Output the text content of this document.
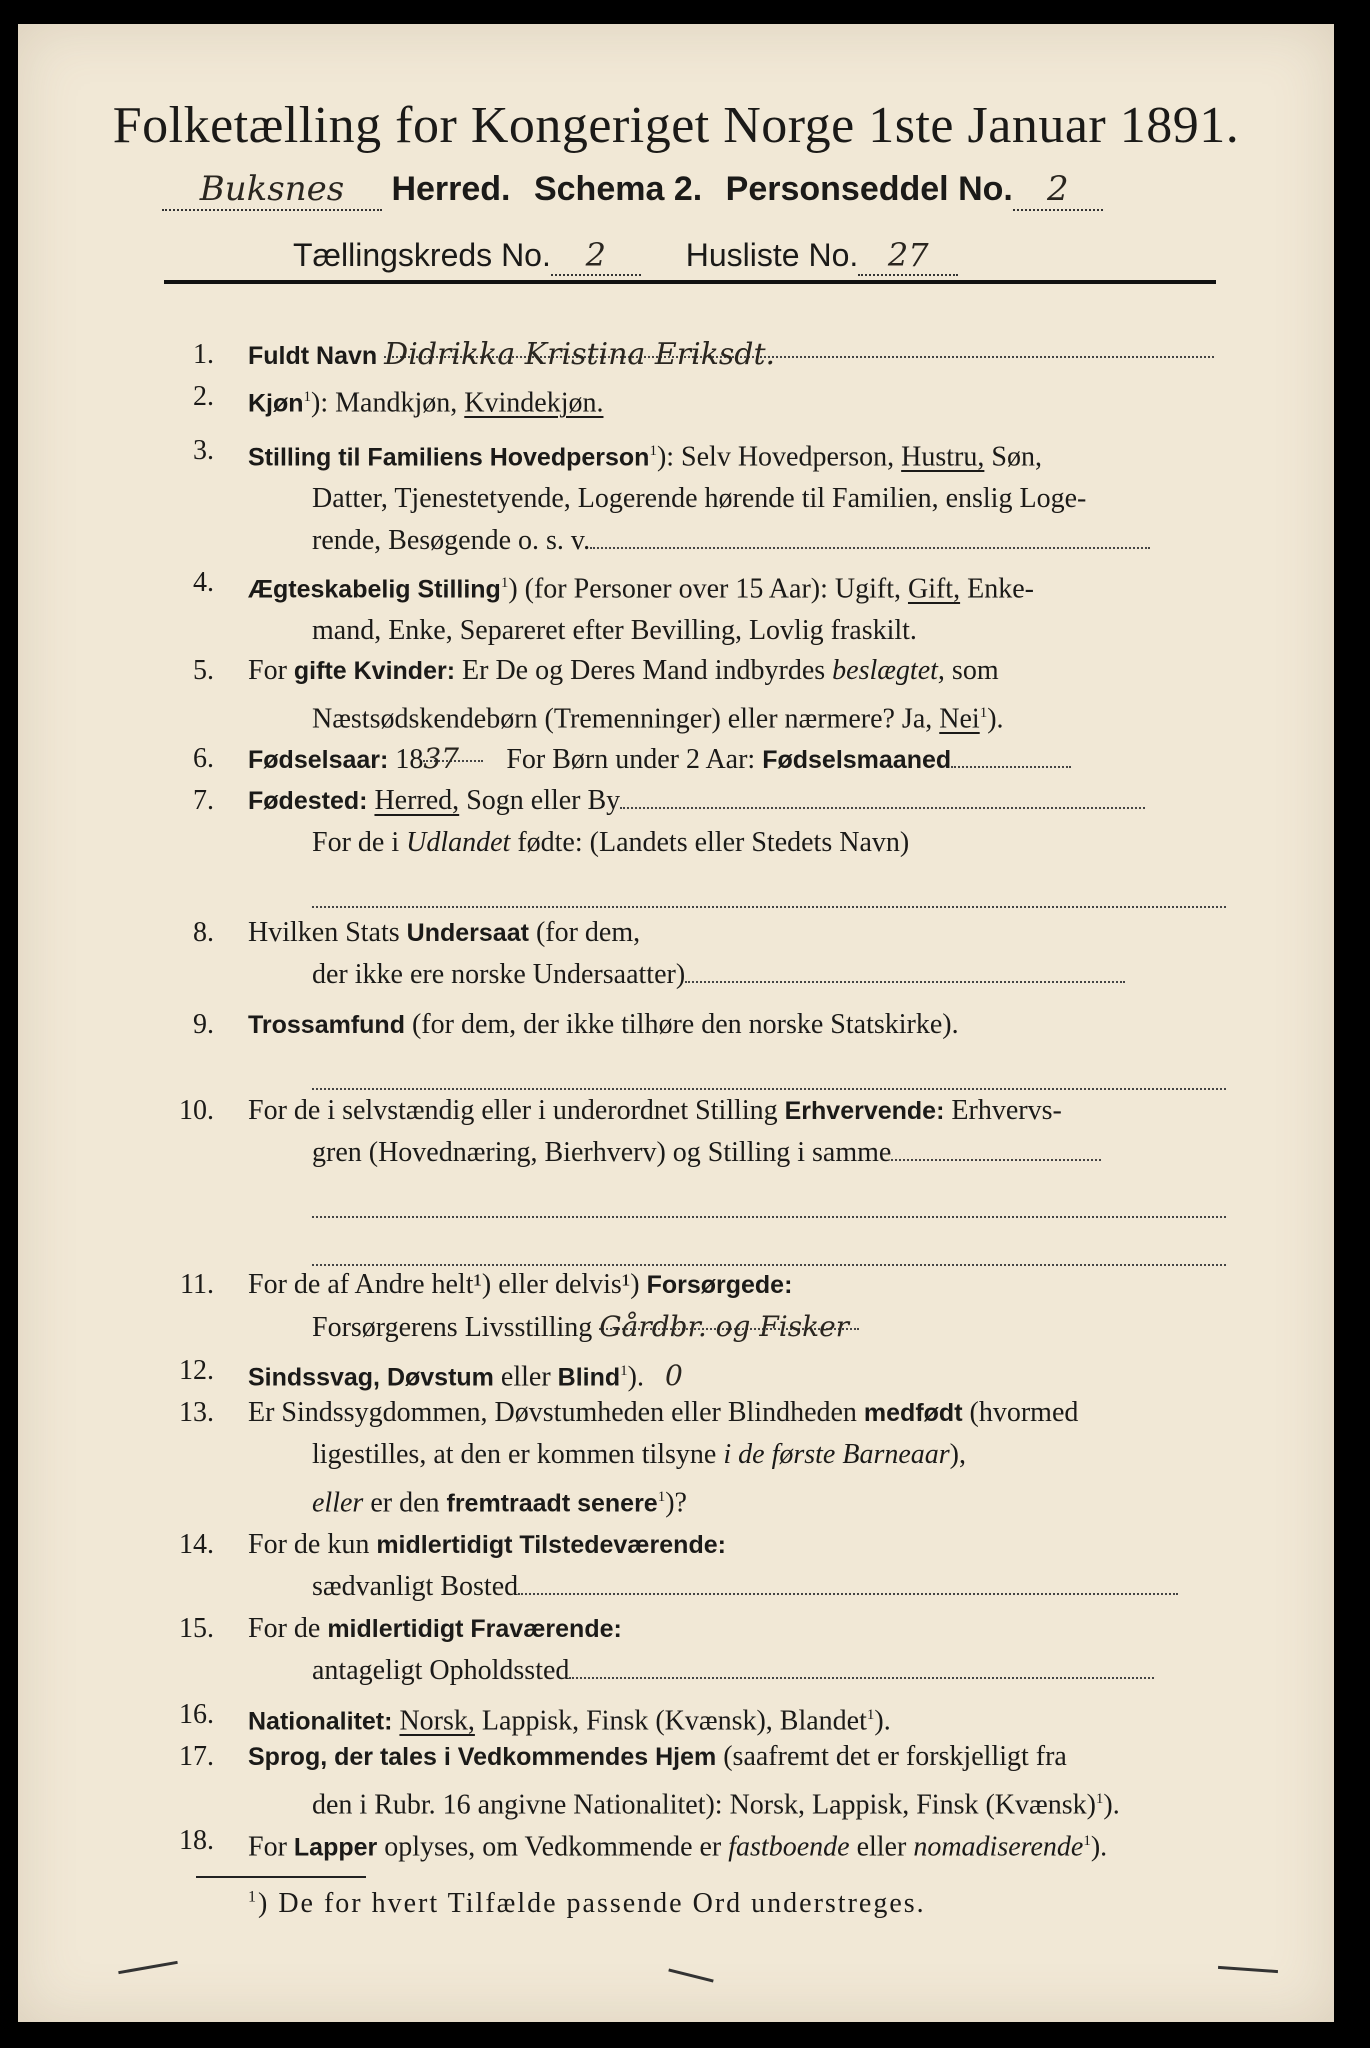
Folketælling for Kongeriget Norge 1ste Januar 1891.
Buksnes Herred. Schema 2. Personseddel No. 2
Tællingskreds No. 2 Husliste No. 27
1. Fuldt Navn Didrikka Kristina Eriksdt.
2. Kjøn$^1$): Mandkjøn, Kvindekjøn.
3. Stilling til Familiens Hovedperson$^1$): Selv Hovedperson, Hustru, Søn,
Datter, Tjenestetyende, Logerende hørende til Familien, enslig Loge-
rende, Besøgende o. s. v.
4. Ægteskabelig Stilling$^1$) (for Personer over 15 Aar): Ugift, Gift, Enke-
mand, Enke, Separeret efter Bevilling, Lovlig fraskilt.
5. For gifte Kvinder: Er De og Deres Mand indbyrdes beslægtet, som
Næstsødskendebørn (Tremenninger) eller nærmere? Ja, Nei$^1$).
6. Fødselsaar: 1837 For Børn under 2 Aar: Fødselsmaaned
7. Fødested: Herred, Sogn eller By
For de i Udlandet fødte: (Landets eller Stedets Navn)
8. Hvilken Stats Undersaat (for dem,
der ikke ere norske Undersaatter)
9. Trossamfund (for dem, der ikke tilhøre den norske Statskirke).
10. For de i selvstændig eller i underordnet Stilling Erhvervende: Erhvervs-
gren (Hovednæring, Bierhverv) og Stilling i samme
11. For de af Andre helt¹) eller delvis¹) Forsørgede:
Forsørgerens Livsstilling Gårdbr. og Fisker
12. Sindssvag, Døvstum eller Blind$^1$). 0
13. Er Sindssygdommen, Døvstumheden eller Blindheden medfødt (hvormed
ligestilles, at den er kommen tilsyne i de første Barneaar),
eller er den fremtraadt senere$^1$)?
14. For de kun midlertidigt Tilstedeværende:
sædvanligt Bosted
15. For de midlertidigt Fraværende:
antageligt Opholdssted
16. Nationalitet: Norsk, Lappisk, Finsk (Kvænsk), Blandet$^1$).
17. Sprog, der tales i Vedkommendes Hjem (saafremt det er forskjelligt fra
den i Rubr. 16 angivne Nationalitet): Norsk, Lappisk, Finsk (Kvænsk)$^1$).
18. For Lapper oplyses, om Vedkommende er fastboende eller nomadiserende$^1$).
$^1$) De for hvert Tilfælde passende Ord understreges.
